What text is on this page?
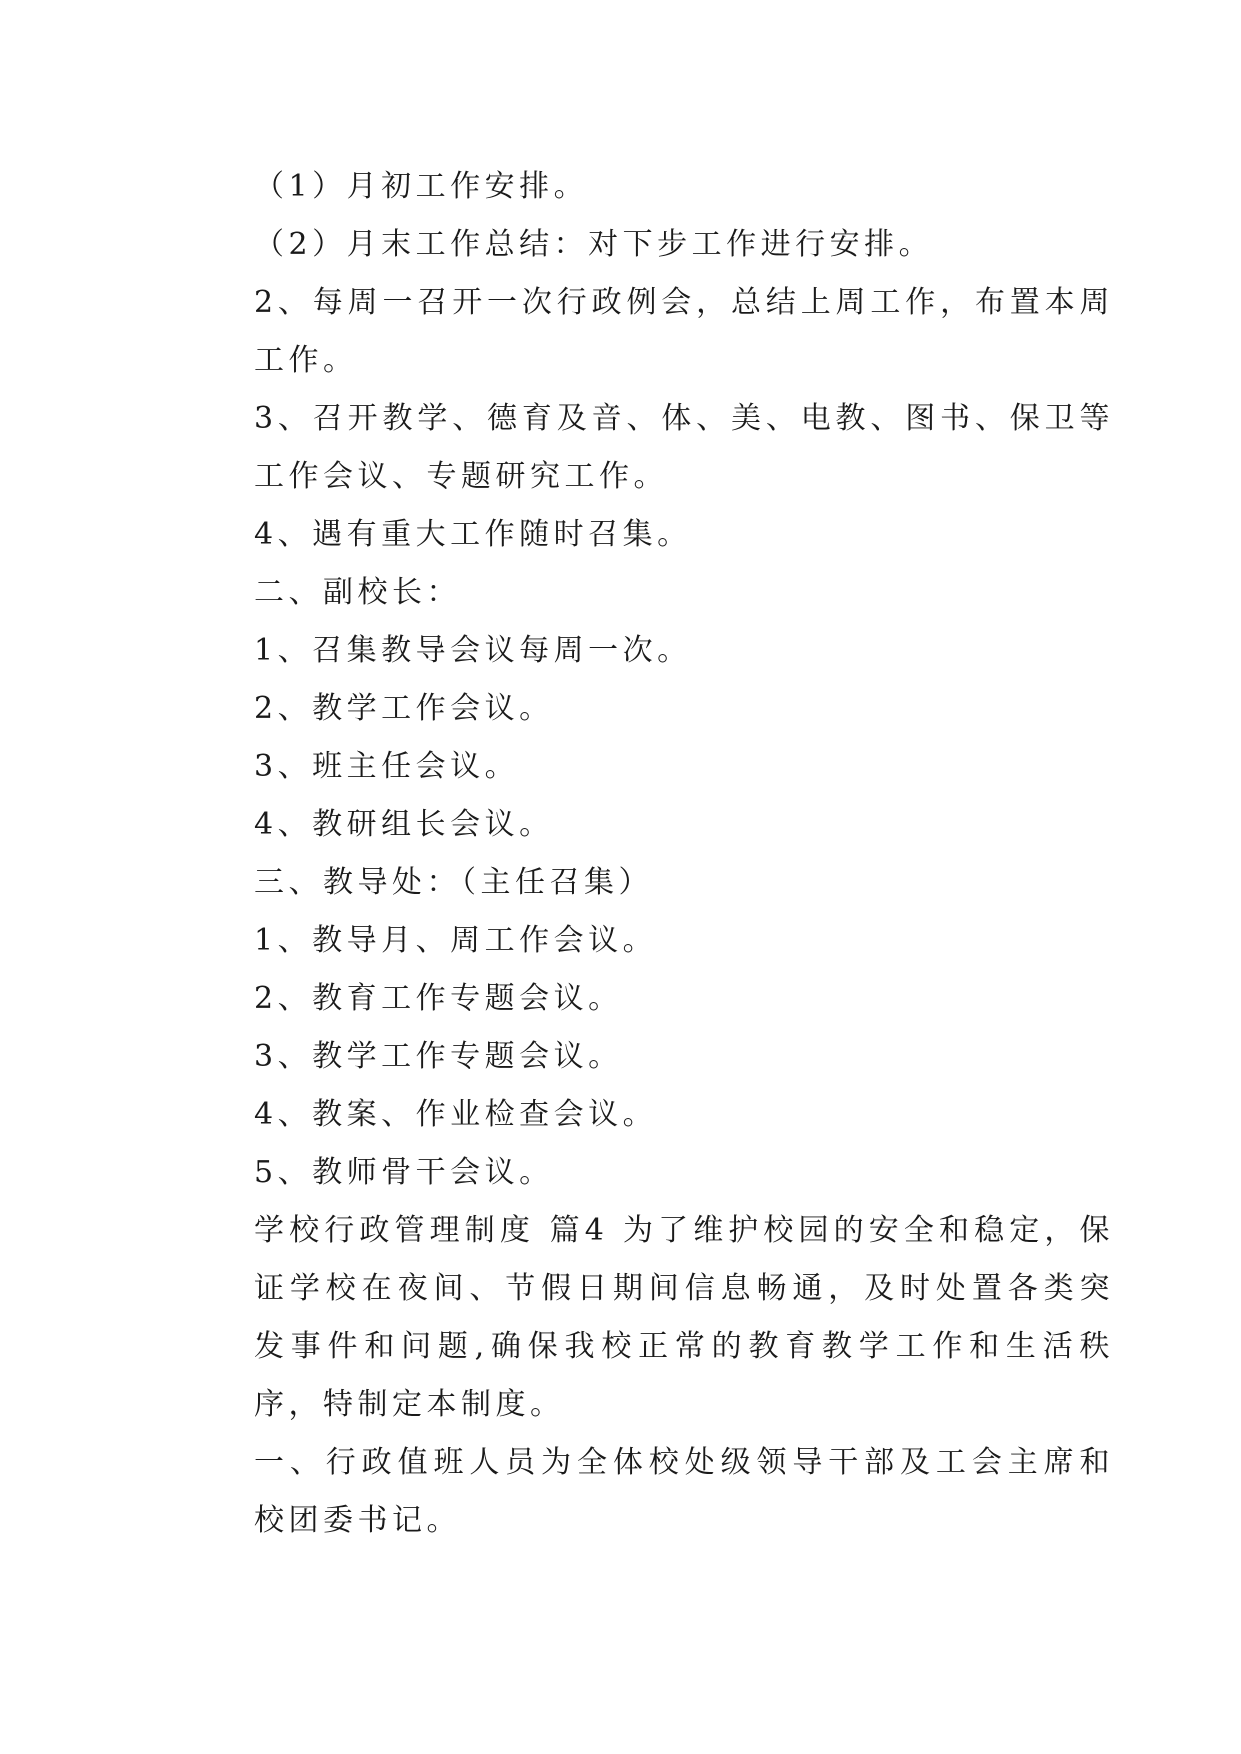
（1）月初工作安排。
（2）月末工作总结：对下步工作进行安排。
2、每周一召开一次行政例会，总结上周工作，布置本周工作。
3、召开教学、德育及音、体、美、电教、图书、保卫等工作会议、专题研究工作。
4、遇有重大工作随时召集。
二、副校长：
1、召集教导会议每周一次。
2、教学工作会议。
3、班主任会议。
4、教研组长会议。
三、教导处：（主任召集）
1、教导月、周工作会议。
2、教育工作专题会议。
3、教学工作专题会议。
4、教案、作业检查会议。
5、教师骨干会议。
学校行政管理制度 篇4 为了维护校园的安全和稳定，保证学校在夜间、节假日期间信息畅通，及时处置各类突发事件和问题,确保我校正常的教育教学工作和生活秩序，特制定本制度。
一、行政值班人员为全体校处级领导干部及工会主席和校团委书记。
